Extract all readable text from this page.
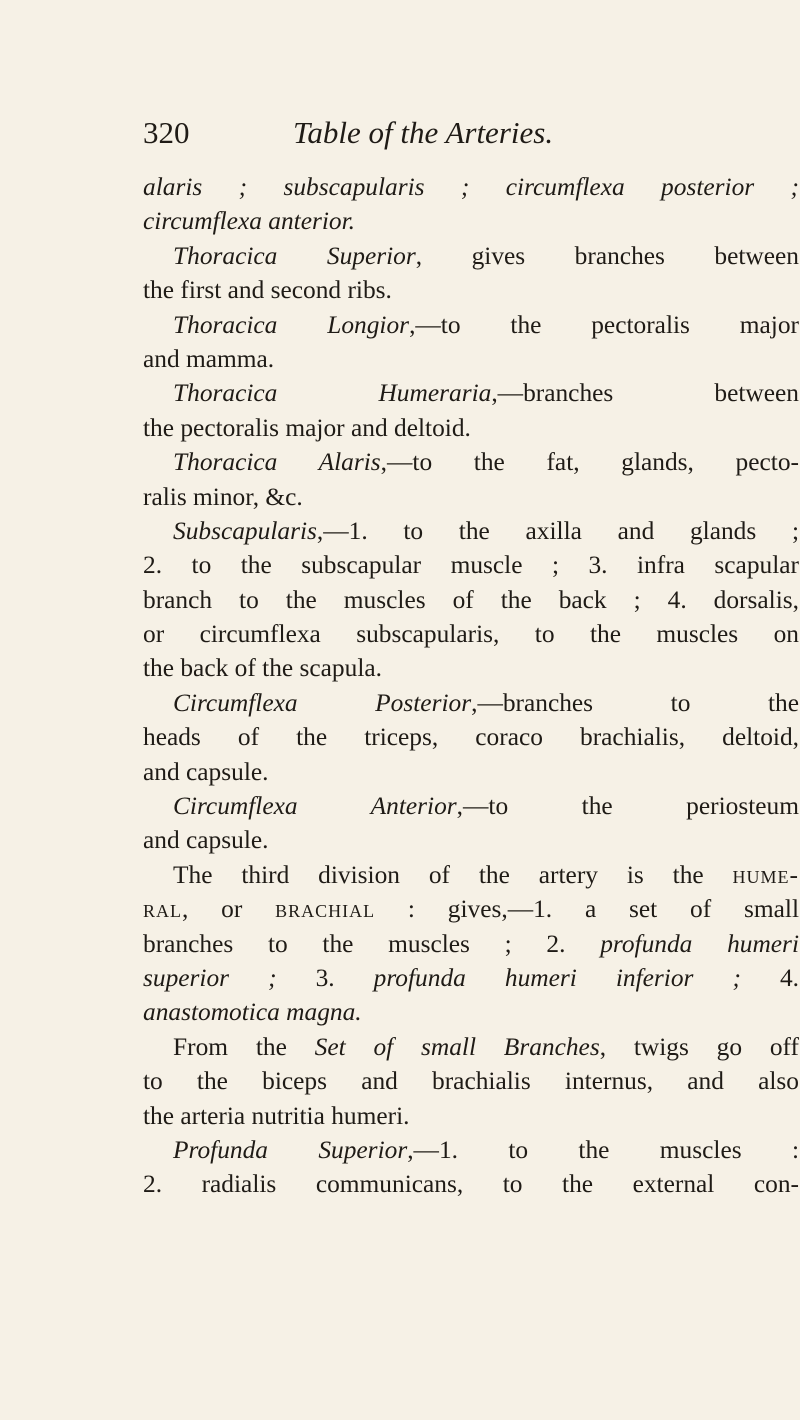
320	Table of the Arteries.
alaris ; subscapularis ; circumflexa posterior ;
circumflexa anterior.
Thoracica Superior, gives branches between
the first and second ribs.
Thoracica Longior,—to the pectoralis major
and mamma.
Thoracica Humeraria,—branches between
the pectoralis major and deltoid.
Thoracica Alaris,—to the fat, glands, pecto-
ralis minor, &c.
Subscapularis,—1. to the axilla and glands ;
2. to the subscapular muscle ; 3. infra scapular
branch to the muscles of the back ; 4. dorsalis,
or circumflexa subscapularis, to the muscles on
the back of the scapula.
Circumflexa Posterior,—branches to the
heads of the triceps, coraco brachialis, deltoid,
and capsule.
Circumflexa Anterior,—to the periosteum
and capsule.
The third division of the artery is the hume-
ral, or brachial : gives,—1. a set of small
branches to the muscles ; 2. profunda humeri
superior ; 3. profunda humeri inferior ; 4.
anastomotica magna.
From the Set of small Branches, twigs go off
to the biceps and brachialis internus, and also
the arteria nutritia humeri.
Profunda Superior,—1. to the muscles :
2. radialis communicans, to the external con-
